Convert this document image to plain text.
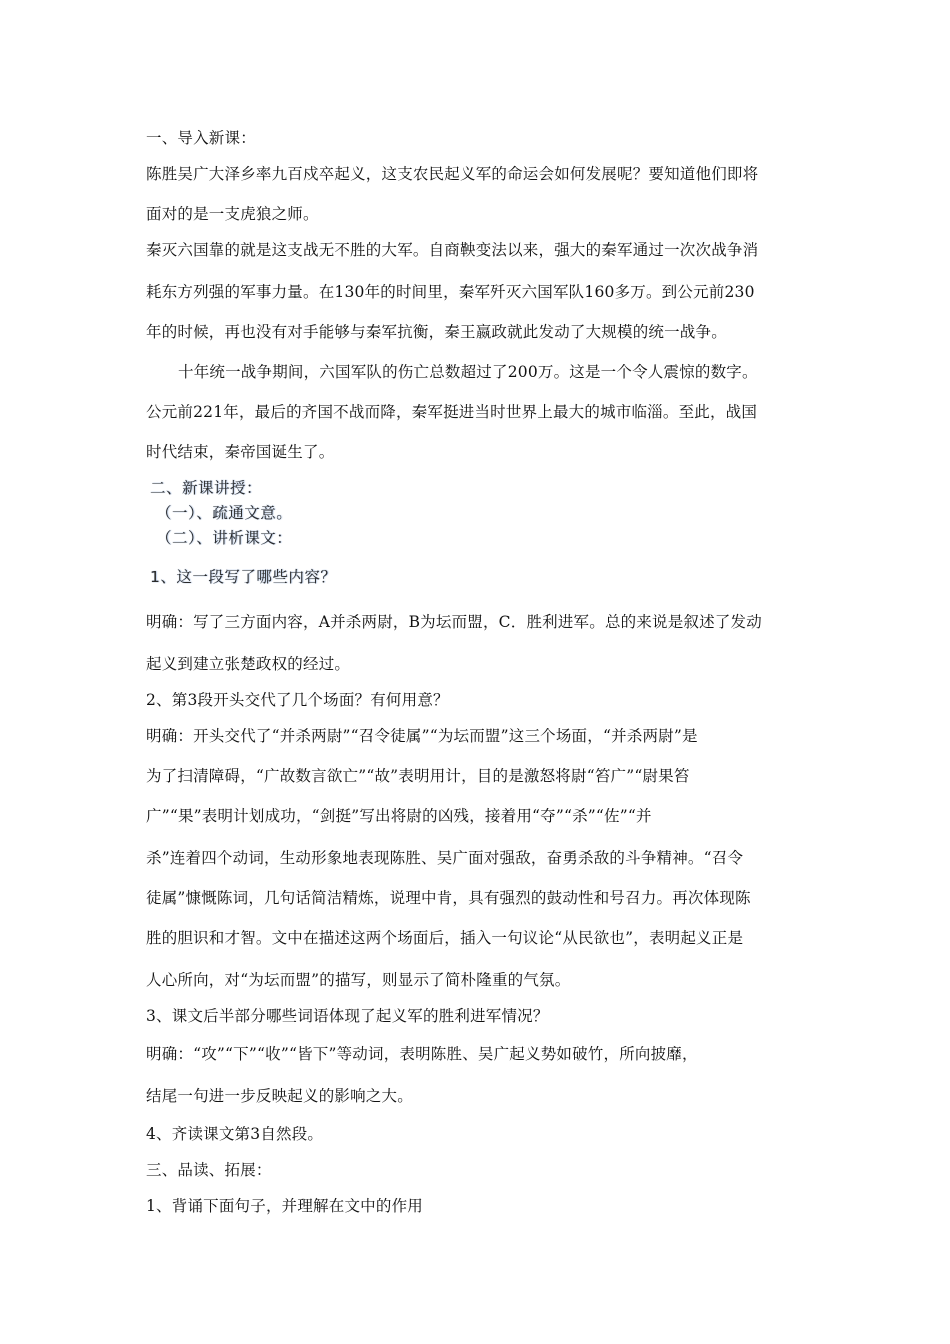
一、导入新课：
陈胜吴广大泽乡率九百戍卒起义，这支农民起义军的命运会如何发展呢？要知道他们即将
面对的是一支虎狼之师。
秦灭六国靠的就是这支战无不胜的大军。自商鞅变法以来，强大的秦军通过一次次战争消
耗东方列强的军事力量。在130年的时间里，秦军歼灭六国军队160多万。到公元前230
年的时候，再也没有对手能够与秦军抗衡，秦王嬴政就此发动了大规模的统一战争。
十年统一战争期间，六国军队的伤亡总数超过了200万。这是一个令人震惊的数字。
公元前221年，最后的齐国不战而降，秦军挺进当时世界上最大的城市临淄。至此，战国
时代结束，秦帝国诞生了。
二、新课讲授：
（一）、疏通文意。
（二）、讲析课文：
1、这一段写了哪些内容？
明确：写了三方面内容，A并杀两尉，B为坛而盟，C．胜利进军。总的来说是叙述了发动
起义到建立张楚政权的经过。
2、第3段开头交代了几个场面？有何用意？
明确：开头交代了“并杀两尉”“召令徒属”“为坛而盟”这三个场面，“并杀两尉”是
为了扫清障碍，“广故数言欲亡”“故”表明用计，目的是激怒将尉“笞广”“尉果笞
广”“果”表明计划成功，“剑挺”写出将尉的凶残，接着用“夺”“杀”“佐”“并
杀”连着四个动词，生动形象地表现陈胜、吴广面对强敌，奋勇杀敌的斗争精神。“召令
徒属”慷慨陈词，几句话简洁精炼，说理中肯，具有强烈的鼓动性和号召力。再次体现陈
胜的胆识和才智。文中在描述这两个场面后，插入一句议论“从民欲也”，表明起义正是
人心所向，对“为坛而盟”的描写，则显示了简朴隆重的气氛。
3、课文后半部分哪些词语体现了起义军的胜利进军情况？
明确：“攻”“下”“收”“皆下”等动词，表明陈胜、吴广起义势如破竹，所向披靡，
结尾一句进一步反映起义的影响之大。
4、齐读课文第3自然段。
三、品读、拓展：
1、背诵下面句子，并理解在文中的作用
